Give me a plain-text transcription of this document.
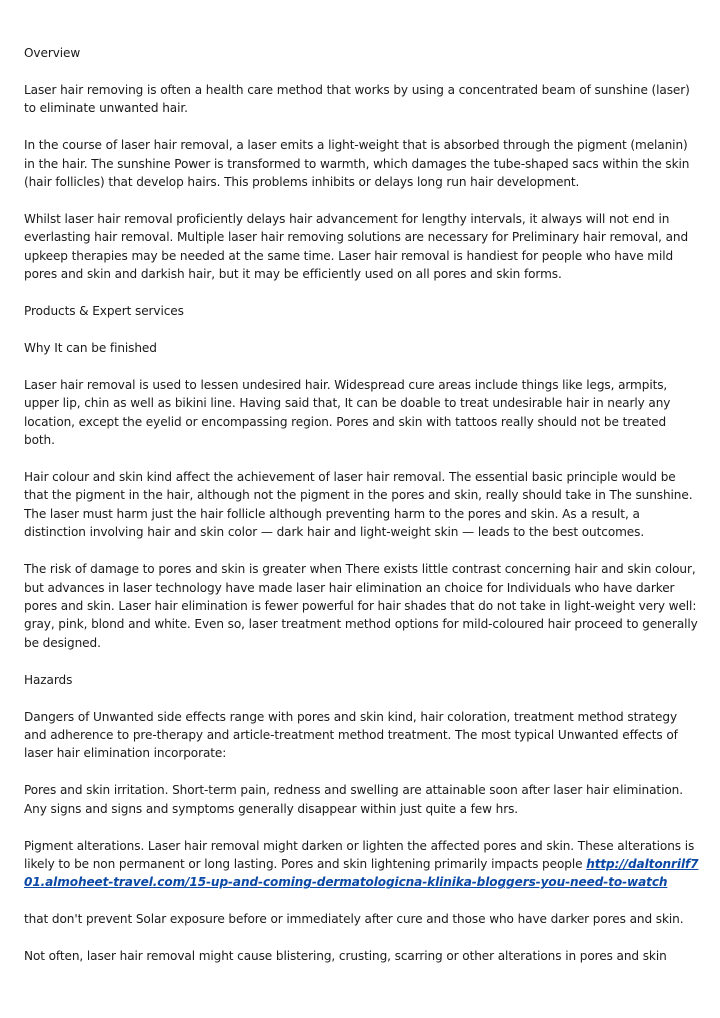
Overview

Laser hair removing is often a health care method that works by using a concentrated beam of sunshine (laser) to eliminate unwanted hair.

In the course of laser hair removal, a laser emits a light-weight that is absorbed through the pigment (melanin) in the hair. The sunshine Power is transformed to warmth, which damages the tube-shaped sacs within the skin (hair follicles) that develop hairs. This problems inhibits or delays long run hair development.

Whilst laser hair removal proficiently delays hair advancement for lengthy intervals, it always will not end in everlasting hair removal. Multiple laser hair removing solutions are necessary for Preliminary hair removal, and upkeep therapies may be needed at the same time. Laser hair removal is handiest for people who have mild pores and skin and darkish hair, but it may be efficiently used on all pores and skin forms.

Products & Expert services

Why It can be finished

Laser hair removal is used to lessen undesired hair. Widespread cure areas include things like legs, armpits, upper lip, chin as well as bikini line. Having said that, It can be doable to treat undesirable hair in nearly any location, except the eyelid or encompassing region. Pores and skin with tattoos really should not be treated both.

Hair colour and skin kind affect the achievement of laser hair removal. The essential basic principle would be that the pigment in the hair, although not the pigment in the pores and skin, really should take in The sunshine. The laser must harm just the hair follicle although preventing harm to the pores and skin. As a result, a distinction involving hair and skin color — dark hair and light-weight skin — leads to the best outcomes.

The risk of damage to pores and skin is greater when There exists little contrast concerning hair and skin colour, but advances in laser technology have made laser hair elimination an choice for Individuals who have darker pores and skin. Laser hair elimination is fewer powerful for hair shades that do not take in light-weight very well: gray, pink, blond and white. Even so, laser treatment method options for mild-coloured hair proceed to generally be designed.

Hazards

Dangers of Unwanted side effects range with pores and skin kind, hair coloration, treatment method strategy and adherence to pre-therapy and article-treatment method treatment. The most typical Unwanted effects of laser hair elimination incorporate:

Pores and skin irritation. Short-term pain, redness and swelling are attainable soon after laser hair elimination. Any signs and signs and symptoms generally disappear within just quite a few hrs.

Pigment alterations. Laser hair removal might darken or lighten the affected pores and skin. These alterations is likely to be non permanent or long lasting. Pores and skin lightening primarily impacts people http://daltonrilf701.almoheet-travel.com/15-up-and-coming-dermatologicna-klinika-bloggers-you-need-to-watch

that don't prevent Solar exposure before or immediately after cure and those who have darker pores and skin.

Not often, laser hair removal might cause blistering, crusting, scarring or other alterations in pores and skin
